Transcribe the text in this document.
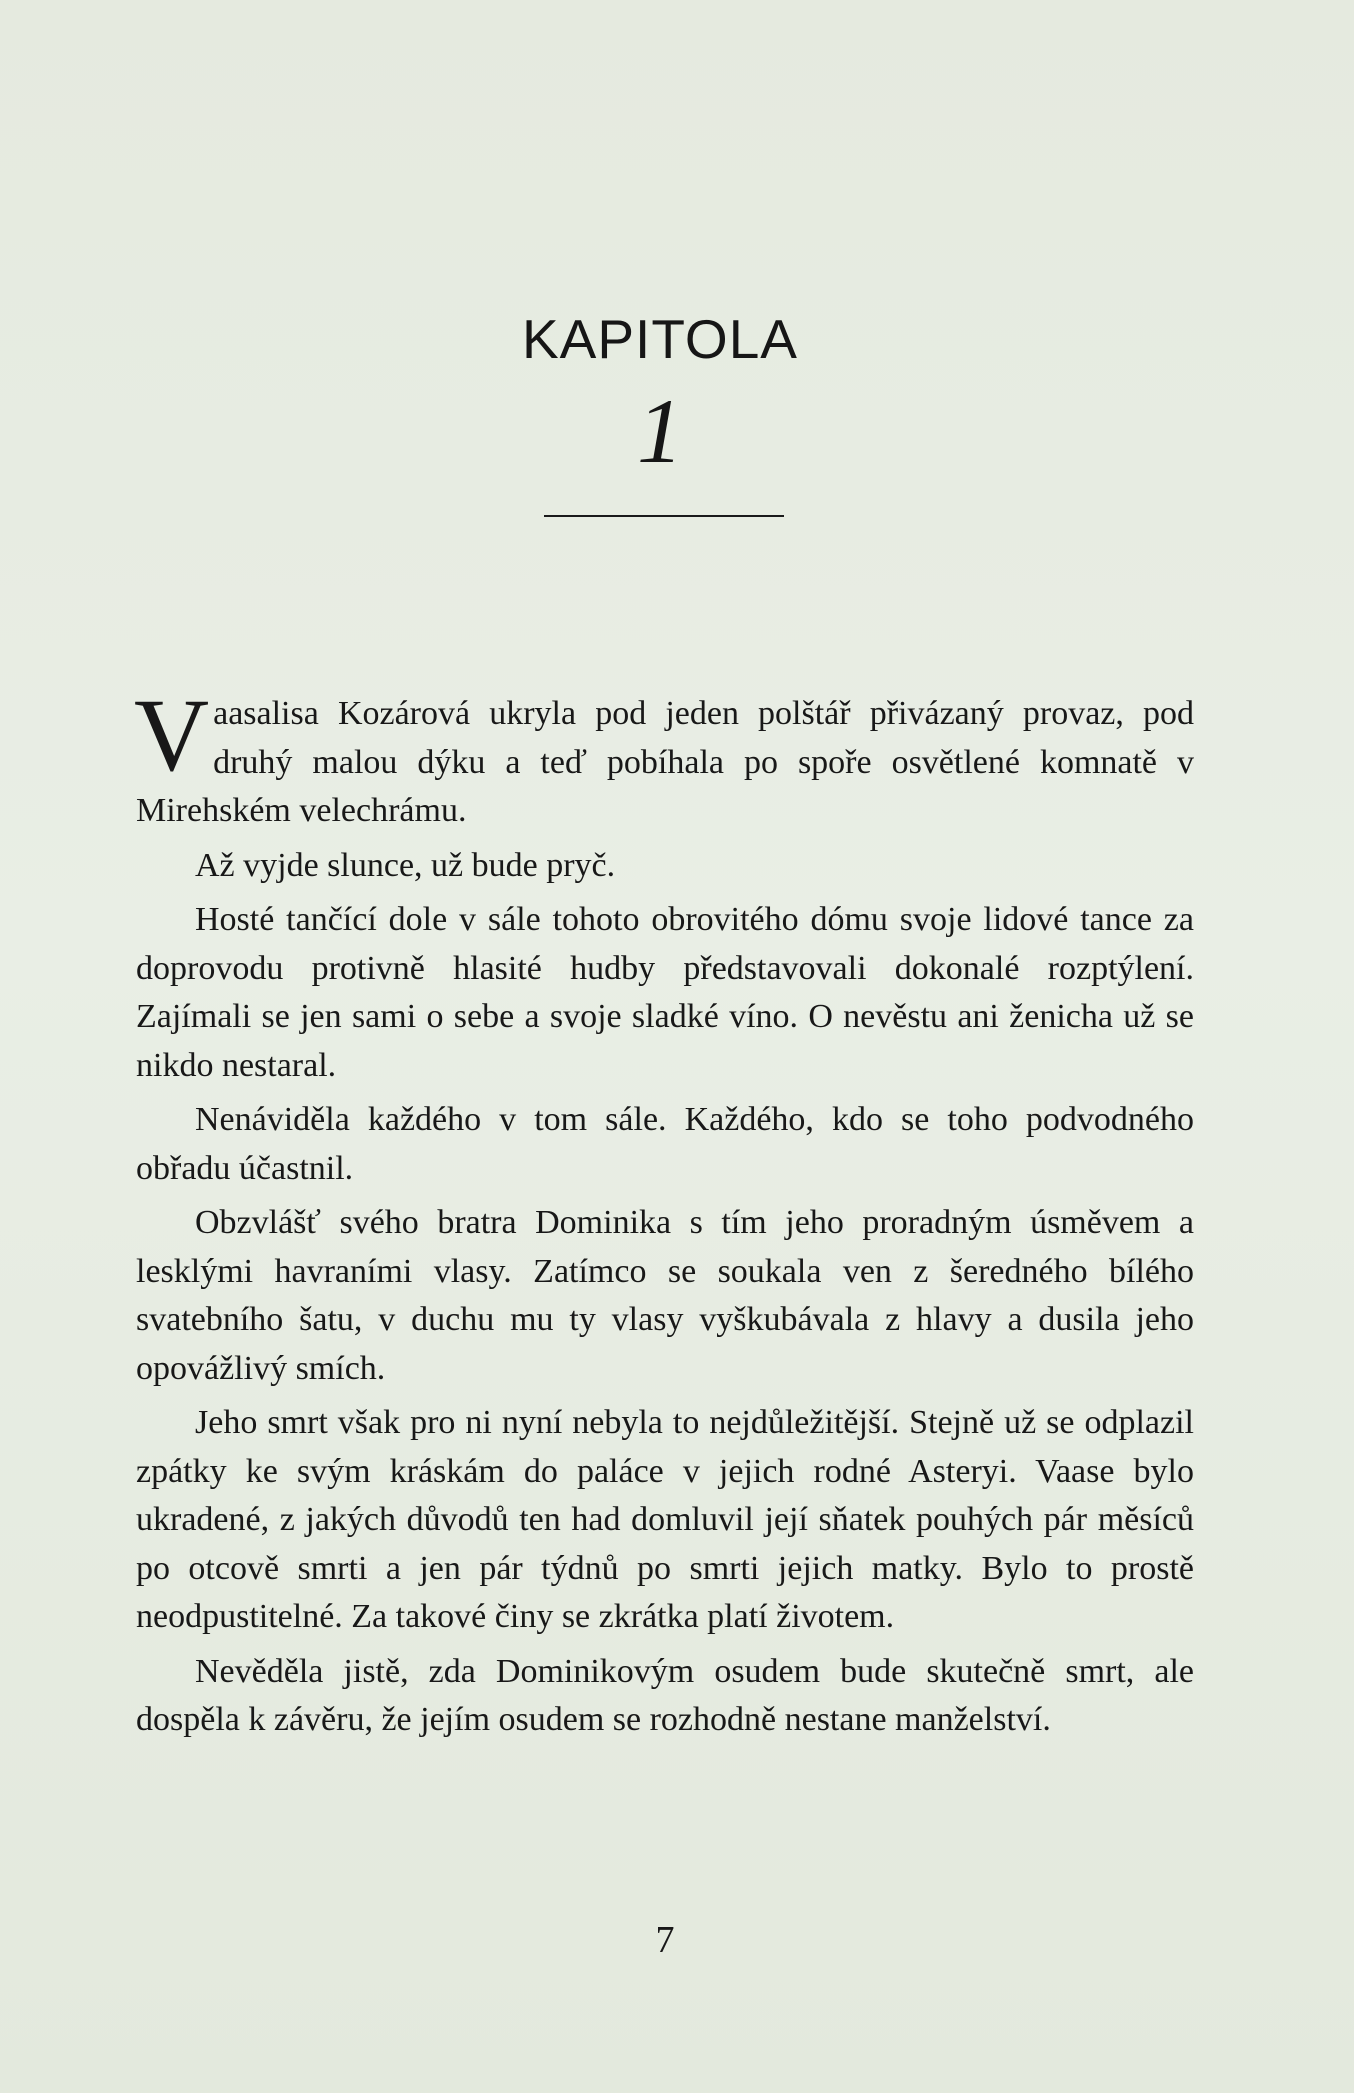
KAPITOLA
1

Vaasalisa Kozárová ukryla pod jeden polštář přivázaný provaz, pod druhý malou dýku a teď pobíhala po spoře osvětlené komnatě v Mirehském velechrámu.

Až vyjde slunce, už bude pryč.

Hosté tančící dole v sále tohoto obrovitého dómu svoje lidové tance za doprovodu protivně hlasité hudby představovali dokonalé rozptýlení. Zajímali se jen sami o sebe a svoje sladké víno. O nevěstu ani ženicha už se nikdo nestaral.

Nenáviděla každého v tom sále. Každého, kdo se toho podvodného obřadu účastnil.

Obzvlášť svého bratra Dominika s tím jeho proradným úsměvem a lesklými havraními vlasy. Zatímco se soukala ven z šeredného bílého svatebního šatu, v duchu mu ty vlasy vyškubávala z hlavy a dusila jeho opovážlivý smích.

Jeho smrt však pro ni nyní nebyla to nejdůležitější. Stejně už se odplazil zpátky ke svým kráskám do paláce v jejich rodné Asteryi. Vaase bylo ukradené, z jakých důvodů ten had domluvil její sňatek pouhých pár měsíců po otcově smrti a jen pár týdnů po smrti jejich matky. Bylo to prostě neodpustitelné. Za takové činy se zkrátka platí životem.

Nevěděla jistě, zda Dominikovým osudem bude skutečně smrt, ale dospěla k závěru, že jejím osudem se rozhodně nestane manželství.

7
